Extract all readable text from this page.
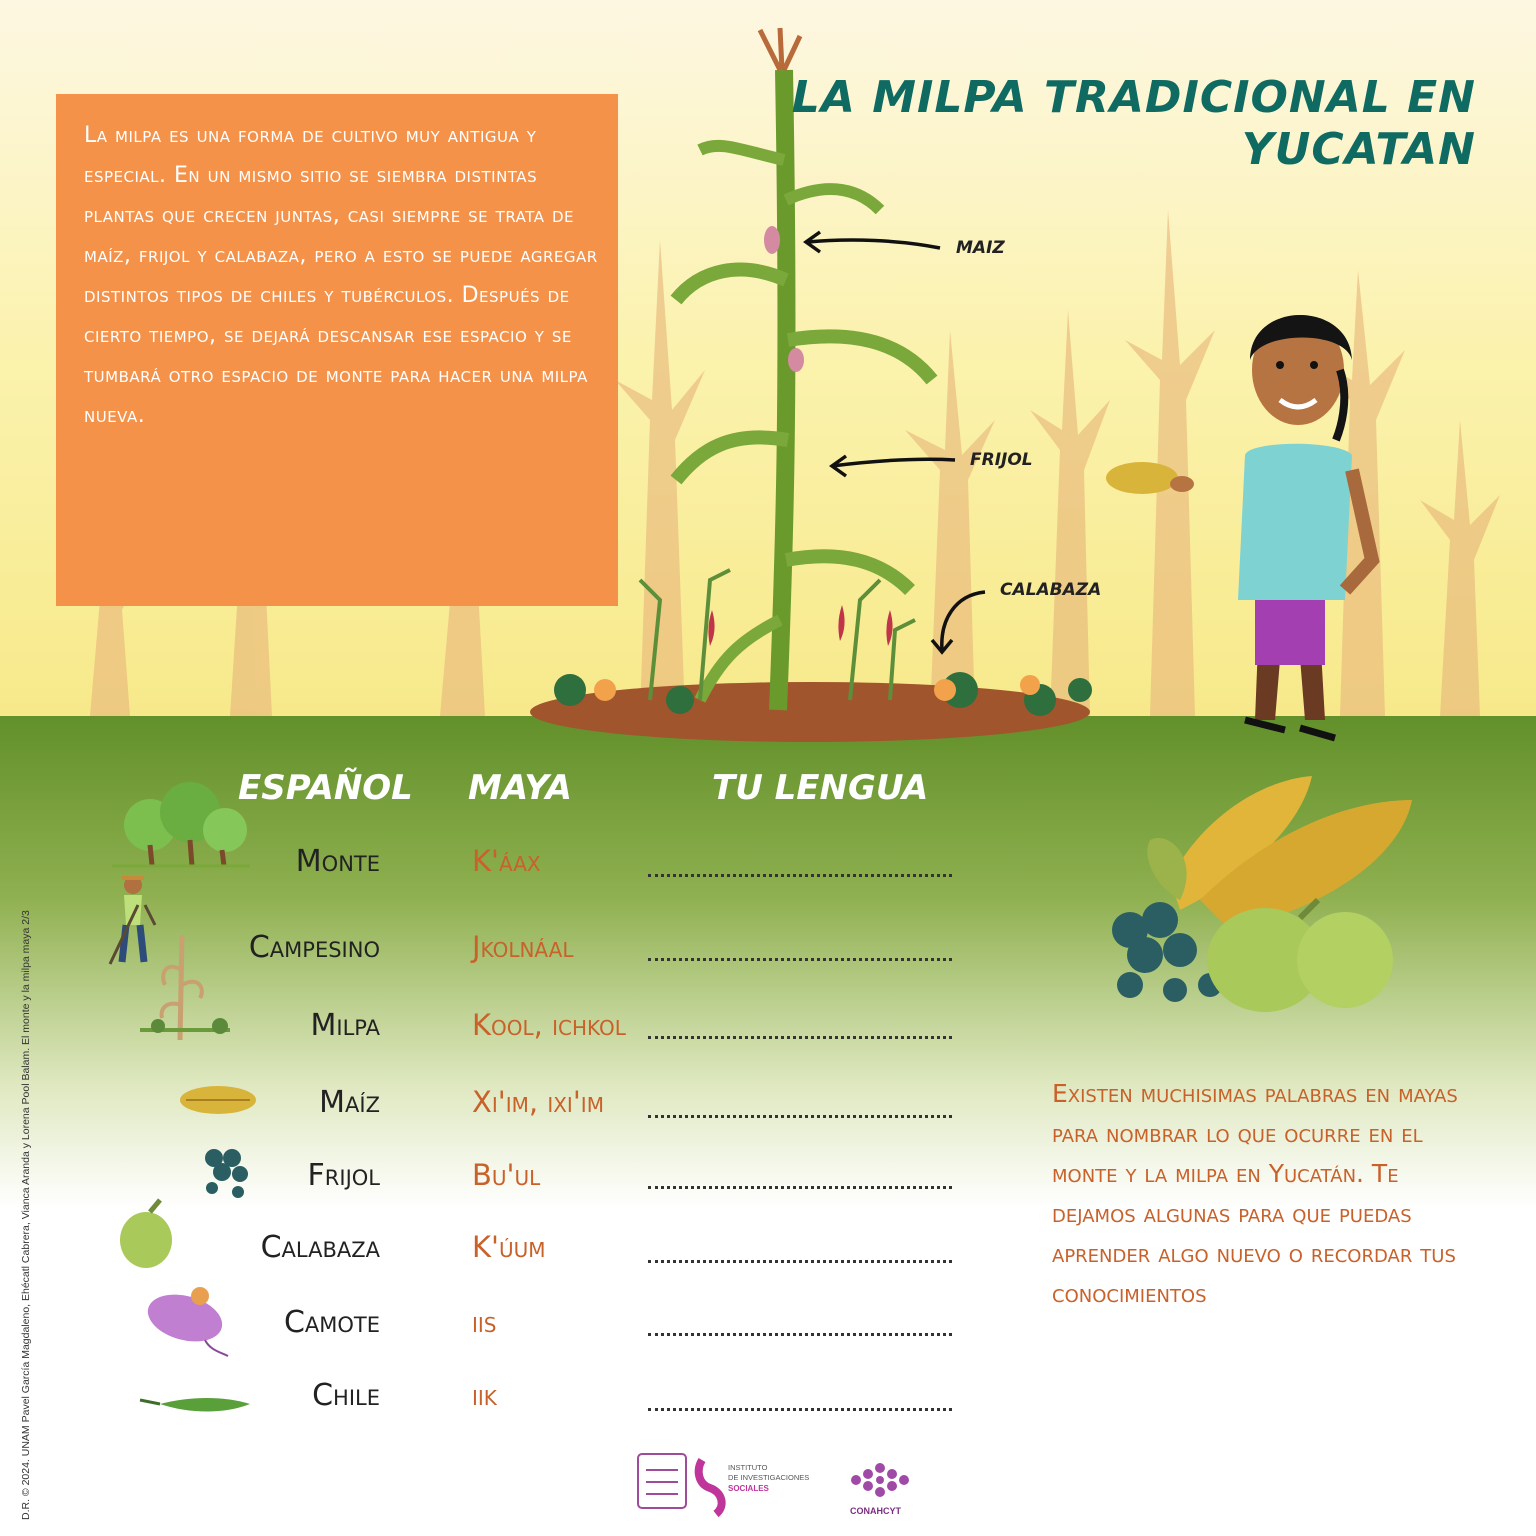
LA MILPA TRADICIONAL EN
YUCATAN

La milpa es una forma de cultivo muy antigua y especial. En un mismo sitio se siembra distintas plantas que crecen juntas, casi siempre se trata de maíz, frijol y calabaza, pero a esto se puede agregar distintos tipos de chiles y tubérculos. Después de cierto tiempo, se dejará descansar ese espacio y se tumbará otro espacio de monte para hacer una milpa nueva.

MAIZ
FRIJOL
CALABAZA
ESPAÑOL MAYA	TU LENGUA
Monte	K'áax
Campesino	Jkolnáal
Milpa	Kool, ichkol
Maíz	Xi'im, ixi'im
Frijol	Bu'ul
Calabaza	K'úum
Camote	iis
Chile	iik

Existen muchisimas palabras en mayas para nombrar lo que ocurre en el monte y la milpa en Yucatán. Te dejamos algunas para que puedas aprender algo nuevo o recordar tus conocimientos

D.R. © 2024. UNAM Pavel García Magdaleno, Ehécatl Cabrera, Vianca Aranda y Lorena Pool Balam. El monte y la milpa maya 2/3	INSTITUTO
DE INVESTIGACIONES
SOCIALES
CONAHCYT
